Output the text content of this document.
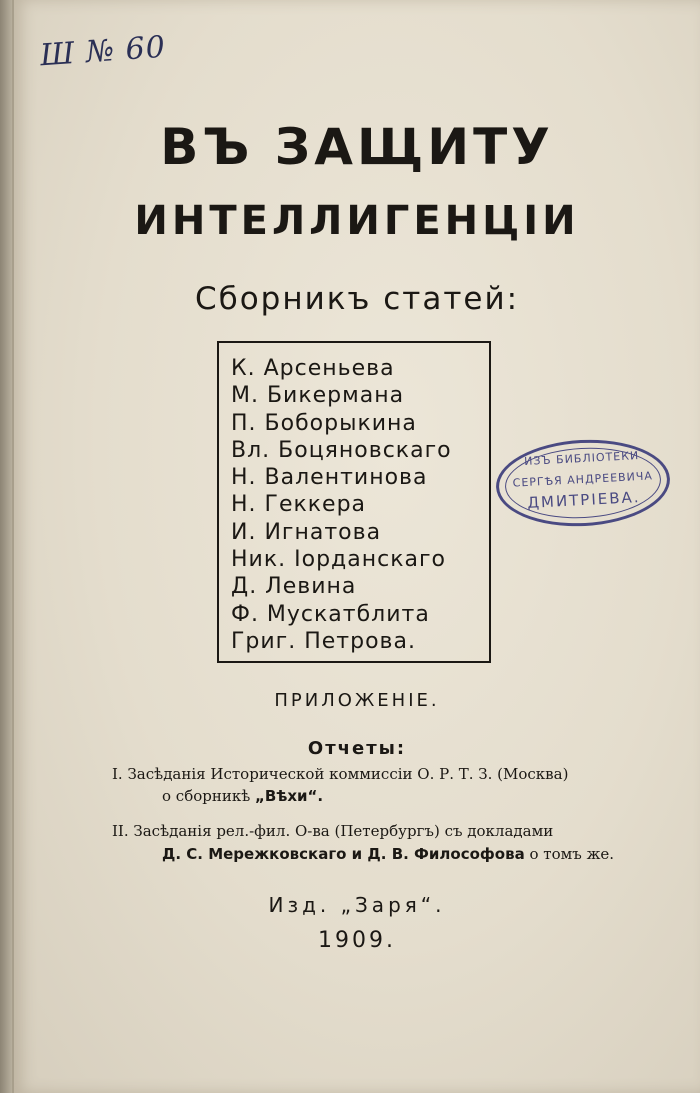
Ш № 60
ВЪ ЗАЩИТУ
ИНТЕЛЛИГЕНЦІИ
Сборникъ статей:
К. Арсеньева
М. Бикермана
П. Боборыкина
Вл. Боцяновскаго
Н. Валентинова
Н. Геккера
И. Игнатова
Ник. Іорданскаго
Д. Левина
Ф. Мускатблита
Григ. Петрова.
ИЗЪ БИБЛІОТЕКИ
СЕРГѢЯ АНДРЕЕВИЧА
ДМИТРІЕВА.
ПРИЛОЖЕНІЕ.
Отчеты:
I. Засѣданія Исторической коммиссіи О. Р. Т. З. (Москва)
о сборникѣ „Вѣхи“.
II. Засѣданія рел.-фил. О-ва (Петербургъ) съ докладами
Д. С. Мережковскаго и Д. В. Философова о томъ же.
Изд. „Заря“.
1909.
